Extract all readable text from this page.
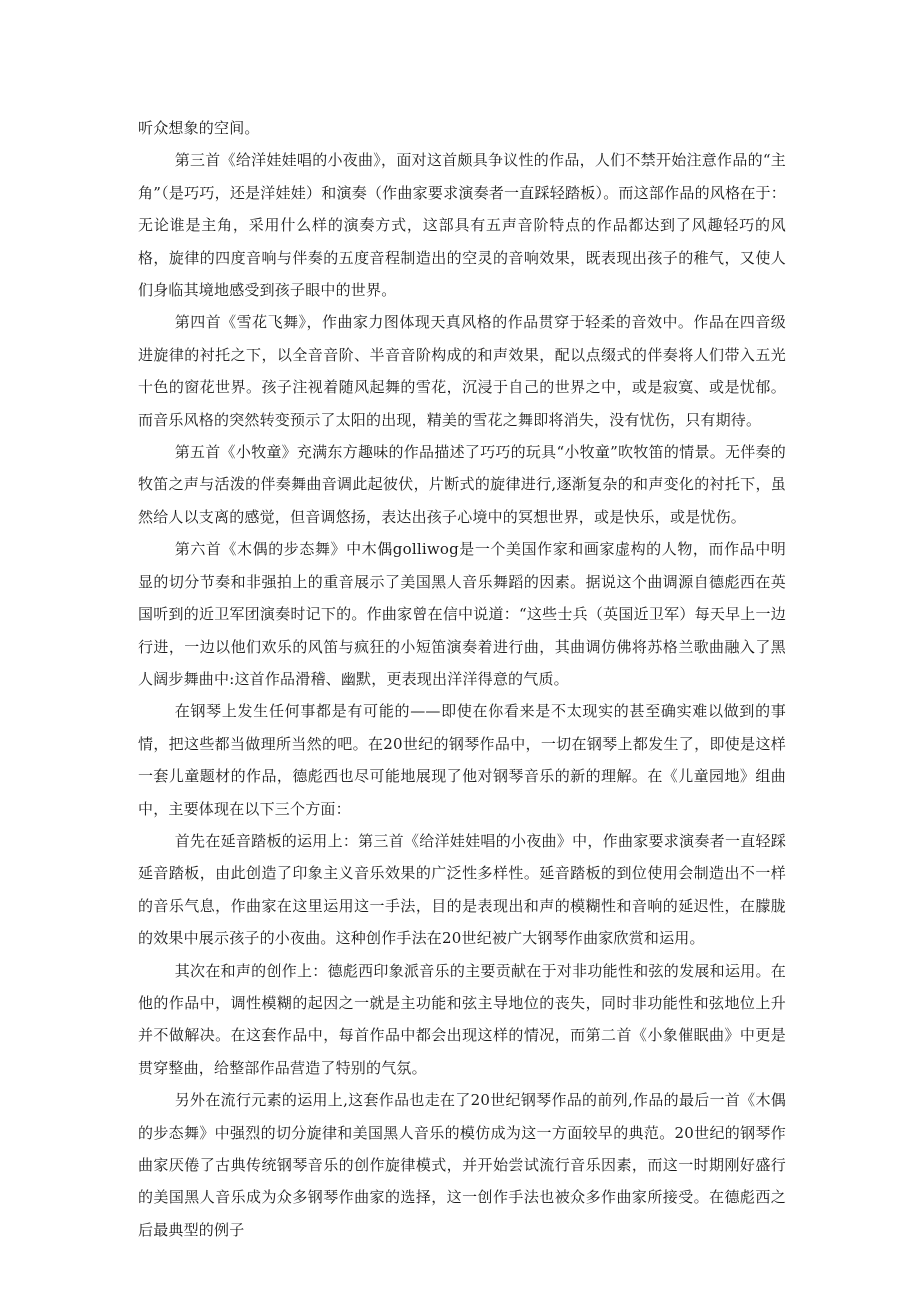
听众想象的空间。

第三首《给洋娃娃唱的小夜曲》，面对这首颇具争议性的作品，人们不禁开始注意作品的“主角”（是巧巧，还是洋娃娃）和演奏（作曲家要求演奏者一直踩轻踏板）。而这部作品的风格在于：无论谁是主角，采用什么样的演奏方式，这部具有五声音阶特点的作品都达到了风趣轻巧的风格，旋律的四度音响与伴奏的五度音程制造出的空灵的音响效果，既表现出孩子的稚气，又使人们身临其境地感受到孩子眼中的世界。

第四首《雪花飞舞》，作曲家力图体现天真风格的作品贯穿于轻柔的音效中。作品在四音级进旋律的衬托之下，以全音音阶、半音音阶构成的和声效果，配以点缀式的伴奏将人们带入五光十色的窗花世界。孩子注视着随风起舞的雪花，沉浸于自己的世界之中，或是寂寞、或是忧郁。而音乐风格的突然转变预示了太阳的出现，精美的雪花之舞即将消失，没有忧伤，只有期待。

第五首《小牧童》充满东方趣味的作品描述了巧巧的玩具“小牧童”吹牧笛的情景。无伴奏的牧笛之声与活泼的伴奏舞曲音调此起彼伏，片断式的旋律进行,逐渐复杂的和声变化的衬托下，虽然给人以支离的感觉，但音调悠扬，表达出孩子心境中的冥想世界，或是快乐，或是忧伤。

第六首《木偶的步态舞》中木偶golliwog是一个美国作家和画家虚构的人物，而作品中明显的切分节奏和非强拍上的重音展示了美国黑人音乐舞蹈的因素。据说这个曲调源自德彪西在英国听到的近卫军团演奏时记下的。作曲家曾在信中说道：“这些士兵（英国近卫军）每天早上一边行进，一边以他们欢乐的风笛与疯狂的小短笛演奏着进行曲，其曲调仿佛将苏格兰歌曲融入了黑人阔步舞曲中:这首作品滑稽、幽默，更表现出洋洋得意的气质。

在钢琴上发生任何事都是有可能的——即使在你看来是不太现实的甚至确实难以做到的事情，把这些都当做理所当然的吧。在20世纪的钢琴作品中，一切在钢琴上都发生了，即使是这样一套儿童题材的作品，德彪西也尽可能地展现了他对钢琴音乐的新的理解。在《儿童园地》组曲中，主要体现在以下三个方面：

首先在延音踏板的运用上：第三首《给洋娃娃唱的小夜曲》中，作曲家要求演奏者一直轻踩延音踏板，由此创造了印象主义音乐效果的广泛性多样性。延音踏板的到位使用会制造出不一样的音乐气息，作曲家在这里运用这一手法，目的是表现出和声的模糊性和音响的延迟性，在朦胧的效果中展示孩子的小夜曲。这种创作手法在20世纪被广大钢琴作曲家欣赏和运用。

其次在和声的创作上：德彪西印象派音乐的主要贡献在于对非功能性和弦的发展和运用。在他的作品中，调性模糊的起因之一就是主功能和弦主导地位的丧失，同时非功能性和弦地位上升并不做解决。在这套作品中，每首作品中都会出现这样的情况，而第二首《小象催眠曲》中更是贯穿整曲，给整部作品营造了特别的气氛。

另外在流行元素的运用上,这套作品也走在了20世纪钢琴作品的前列,作品的最后一首《木偶的步态舞》中强烈的切分旋律和美国黑人音乐的模仿成为这一方面较早的典范。20世纪的钢琴作曲家厌倦了古典传统钢琴音乐的创作旋律模式，并开始尝试流行音乐因素，而这一时期刚好盛行的美国黑人音乐成为众多钢琴作曲家的选择，这一创作手法也被众多作曲家所接受。在德彪西之后最典型的例子
